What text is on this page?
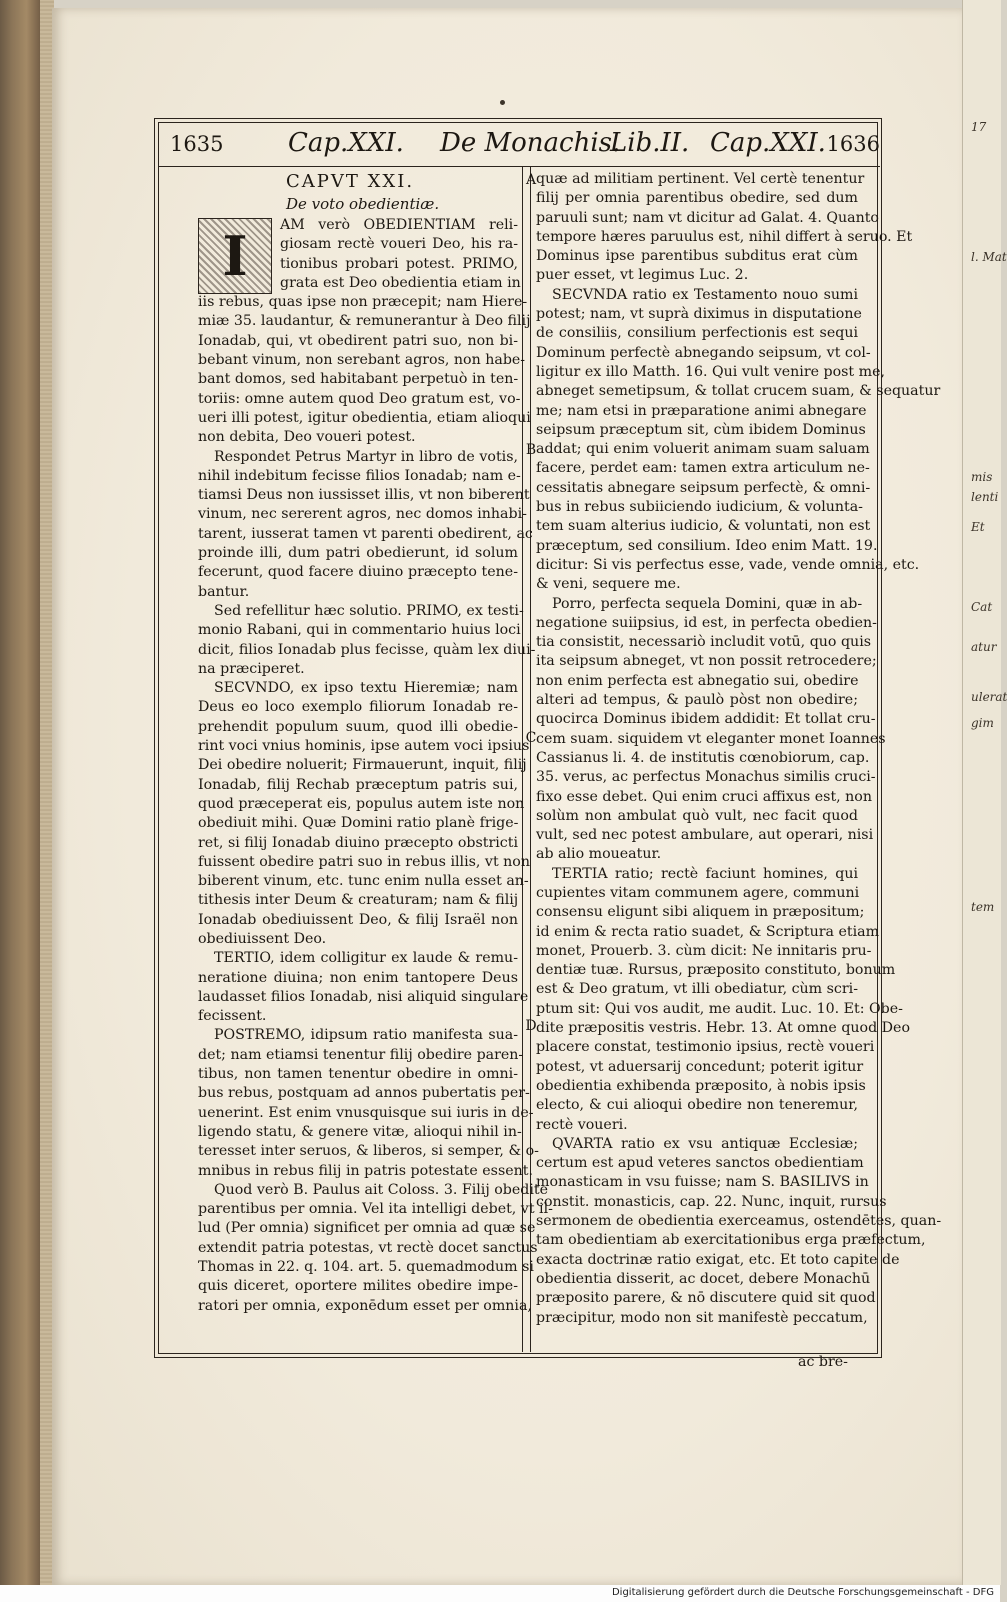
17
l. Mat
mis
lenti
Et
Cat
atur
ulerat
gim
tem
1635 Cap.XXI. De Monachis.
Lib.II. Cap.XXI. 1636
A
B
C
D
CAPVT XXI.
De voto obedientiæ.
AM verò OBEDIENTIAM reli-
giosam rectè voueri Deo, his ra-
tionibus probari potest. PRIMO,
grata est Deo obedientia etiam in
iis rebus, quas ipse non præcepit; nam Hiere-
miæ 35. laudantur, & remunerantur à Deo filij
Ionadab, qui, vt obedirent patri suo, non bi-
bebant vinum, non serebant agros, non habe-
bant domos, sed habitabant perpetuò in ten-
toriis: omne autem quod Deo gratum est, vo-
ueri illi potest, igitur obedientia, etiam alioqui
non debita, Deo voueri potest.
Respondet Petrus Martyr in libro de votis,
nihil indebitum fecisse filios Ionadab; nam e-
tiamsi Deus non iussisset illis, vt non biberent
vinum, nec sererent agros, nec domos inhabi-
tarent, iusserat tamen vt parenti obedirent, ac
proinde illi, dum patri obedierunt, id solum
fecerunt, quod facere diuino præcepto tene-
bantur.
Sed refellitur hæc solutio. PRIMO, ex testi-
monio Rabani, qui in commentario huius loci
dicit, filios Ionadab plus fecisse, quàm lex diui-
na præciperet.
SECVNDO, ex ipso textu Hieremiæ; nam
Deus eo loco exemplo filiorum Ionadab re-
prehendit populum suum, quod illi obedie-
rint voci vnius hominis, ipse autem voci ipsius
Dei obedire noluerit; Firmauerunt, inquit, filij
Ionadab, filij Rechab præceptum patris sui,
quod præceperat eis, populus autem iste non
obediuit mihi. Quæ Domini ratio planè frige-
ret, si filij Ionadab diuino præcepto obstricti
fuissent obedire patri suo in rebus illis, vt non
biberent vinum, etc. tunc enim nulla esset an-
tithesis inter Deum & creaturam; nam & filij
Ionadab obediuissent Deo, & filij Israël non
obediuissent Deo.
TERTIO, idem colligitur ex laude & remu-
neratione diuina; non enim tantopere Deus
laudasset filios Ionadab, nisi aliquid singulare
fecissent.
POSTREMO, idipsum ratio manifesta sua-
det; nam etiamsi tenentur filij obedire paren-
tibus, non tamen tenentur obedire in omni-
bus rebus, postquam ad annos pubertatis per-
uenerint. Est enim vnusquisque sui iuris in de-
ligendo statu, & genere vitæ, alioqui nihil in-
teresset inter seruos, & liberos, si semper, & o-
mnibus in rebus filij in patris potestate essent.
Quod verò B. Paulus ait Coloss. 3. Filij obedite
parentibus per omnia. Vel ita intelligi debet, vt il-
lud (Per omnia) significet per omnia ad quæ se
extendit patria potestas, vt rectè docet sanctus
Thomas in 22. q. 104. art. 5. quemadmodum si
quis diceret, oportere milites obedire impe-
ratori per omnia, exponēdum esset per omnia,
I
quæ ad militiam pertinent. Vel certè tenentur
filij per omnia parentibus obedire, sed dum
paruuli sunt; nam vt dicitur ad Galat. 4. Quanto
tempore hæres paruulus est, nihil differt à seruo. Et
Dominus ipse parentibus subditus erat cùm
puer esset, vt legimus Luc. 2.
SECVNDA ratio ex Testamento nouo sumi
potest; nam, vt suprà diximus in disputatione
de consiliis, consilium perfectionis est sequi
Dominum perfectè abnegando seipsum, vt col-
ligitur ex illo Matth. 16. Qui vult venire post me,
abneget semetipsum, & tollat crucem suam, & sequatur
me; nam etsi in præparatione animi abnegare
seipsum præceptum sit, cùm ibidem Dominus
addat; qui enim voluerit animam suam saluam
facere, perdet eam: tamen extra articulum ne-
cessitatis abnegare seipsum perfectè, & omni-
bus in rebus subiiciendo iudicium, & volunta-
tem suam alterius iudicio, & voluntati, non est
præceptum, sed consilium. Ideo enim Matt. 19.
dicitur: Si vis perfectus esse, vade, vende omnia, etc.
& veni, sequere me.
Porro, perfecta sequela Domini, quæ in ab-
negatione suiipsius, id est, in perfecta obedien-
tia consistit, necessariò includit votū, quo quis
ita seipsum abneget, vt non possit retrocedere;
non enim perfecta est abnegatio sui, obedire
alteri ad tempus, & paulò pòst non obedire;
quocirca Dominus ibidem addidit: Et tollat cru-
cem suam. siquidem vt eleganter monet Ioannes
Cassianus li. 4. de institutis cœnobiorum, cap.
35. verus, ac perfectus Monachus similis cruci-
fixo esse debet. Qui enim cruci affixus est, non
solùm non ambulat quò vult, nec facit quod
vult, sed nec potest ambulare, aut operari, nisi
ab alio moueatur.
TERTIA ratio; rectè faciunt homines, qui
cupientes vitam communem agere, communi
consensu eligunt sibi aliquem in præpositum;
id enim & recta ratio suadet, & Scriptura etiam
monet, Prouerb. 3. cùm dicit: Ne innitaris pru-
dentiæ tuæ. Rursus, præposito constituto, bonum
est & Deo gratum, vt illi obediatur, cùm scri-
ptum sit: Qui vos audit, me audit. Luc. 10. Et: Obe-
dite præpositis vestris. Hebr. 13. At omne quod Deo
placere constat, testimonio ipsius, rectè voueri
potest, vt aduersarij concedunt; poterit igitur
obedientia exhibenda præposito, à nobis ipsis
electo, & cui alioqui obedire non teneremur,
rectè voueri.
QVARTA ratio ex vsu antiquæ Ecclesiæ;
certum est apud veteres sanctos obedientiam
monasticam in vsu fuisse; nam S. BASILIVS in
constit. monasticis, cap. 22. Nunc, inquit, rursus
sermonem de obedientia exerceamus, ostendētes, quan-
tam obedientiam ab exercitationibus erga præfectum,
exacta doctrinæ ratio exigat, etc. Et toto capite de
obedientia disserit, ac docet, debere Monachū
præposito parere, & nō discutere quid sit quod
præcipitur, modo non sit manifestè peccatum,
ac bre-
Digitalisierung gefördert durch die Deutsche Forschungsgemeinschaft - DFG
